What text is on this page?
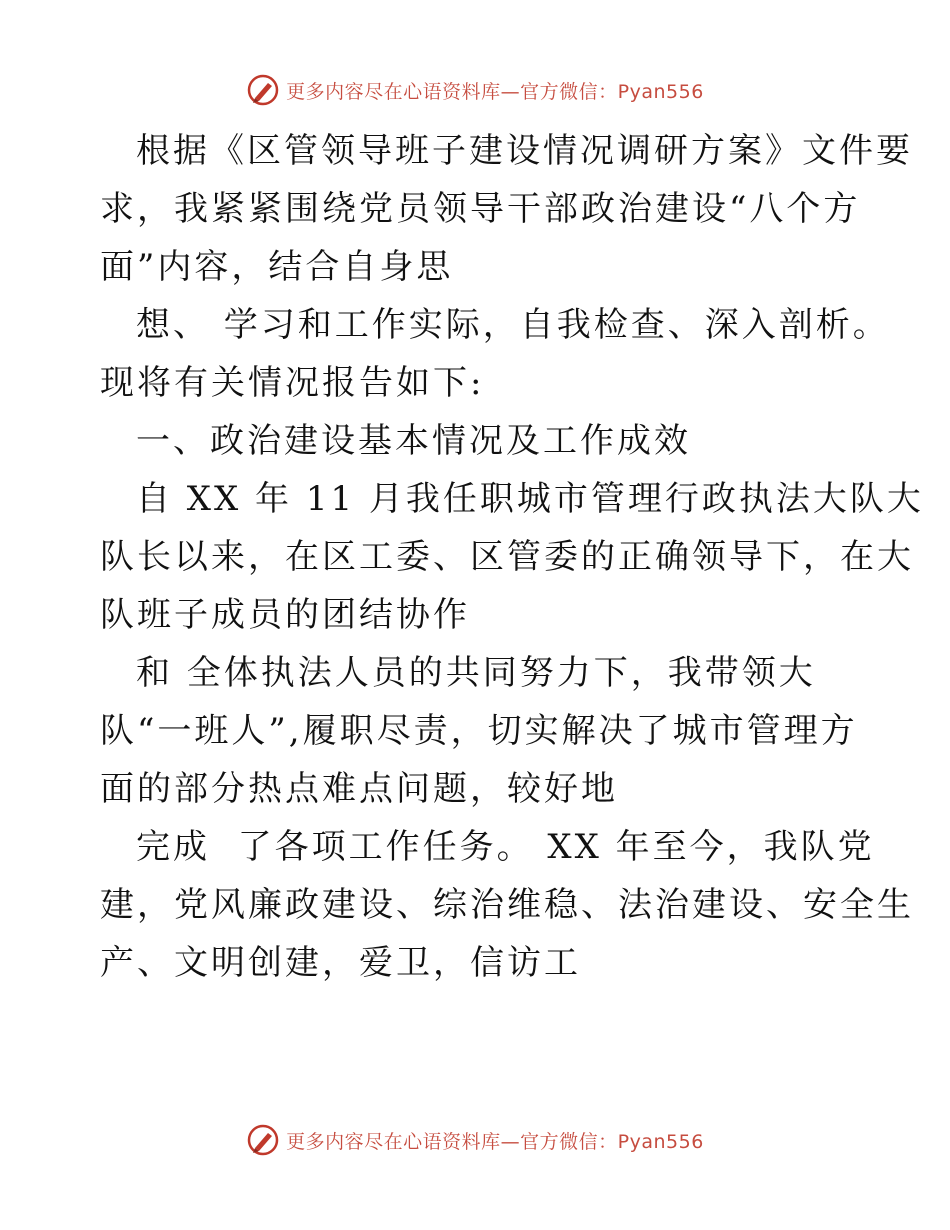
更多内容尽在心语资料库—官方微信：Pyan556
根据《区管领导班子建设情况调研方案》文件要
求，我紧紧围绕党员领导干部政治建设“八个方
面”内容，结合自身思
想、 学习和工作实际，自我检查、深入剖析。
现将有关情况报告如下:
一、政治建设基本情况及工作成效
自 XX 年 11 月我任职城市管理行政执法大队大
队长以来，在区工委、区管委的正确领导下，在大
队班子成员的团结协作
和 全体执法人员的共同努力下，我带领大
队“一班人”,履职尽责，切实解决了城市管理方
面的部分热点难点问题，较好地
完成  了各项工作任务。 XX 年至今，我队党
建，党风廉政建设、综治维稳、法治建设、安全生
产、文明创建，爱卫，信访工
更多内容尽在心语资料库—官方微信：Pyan556
